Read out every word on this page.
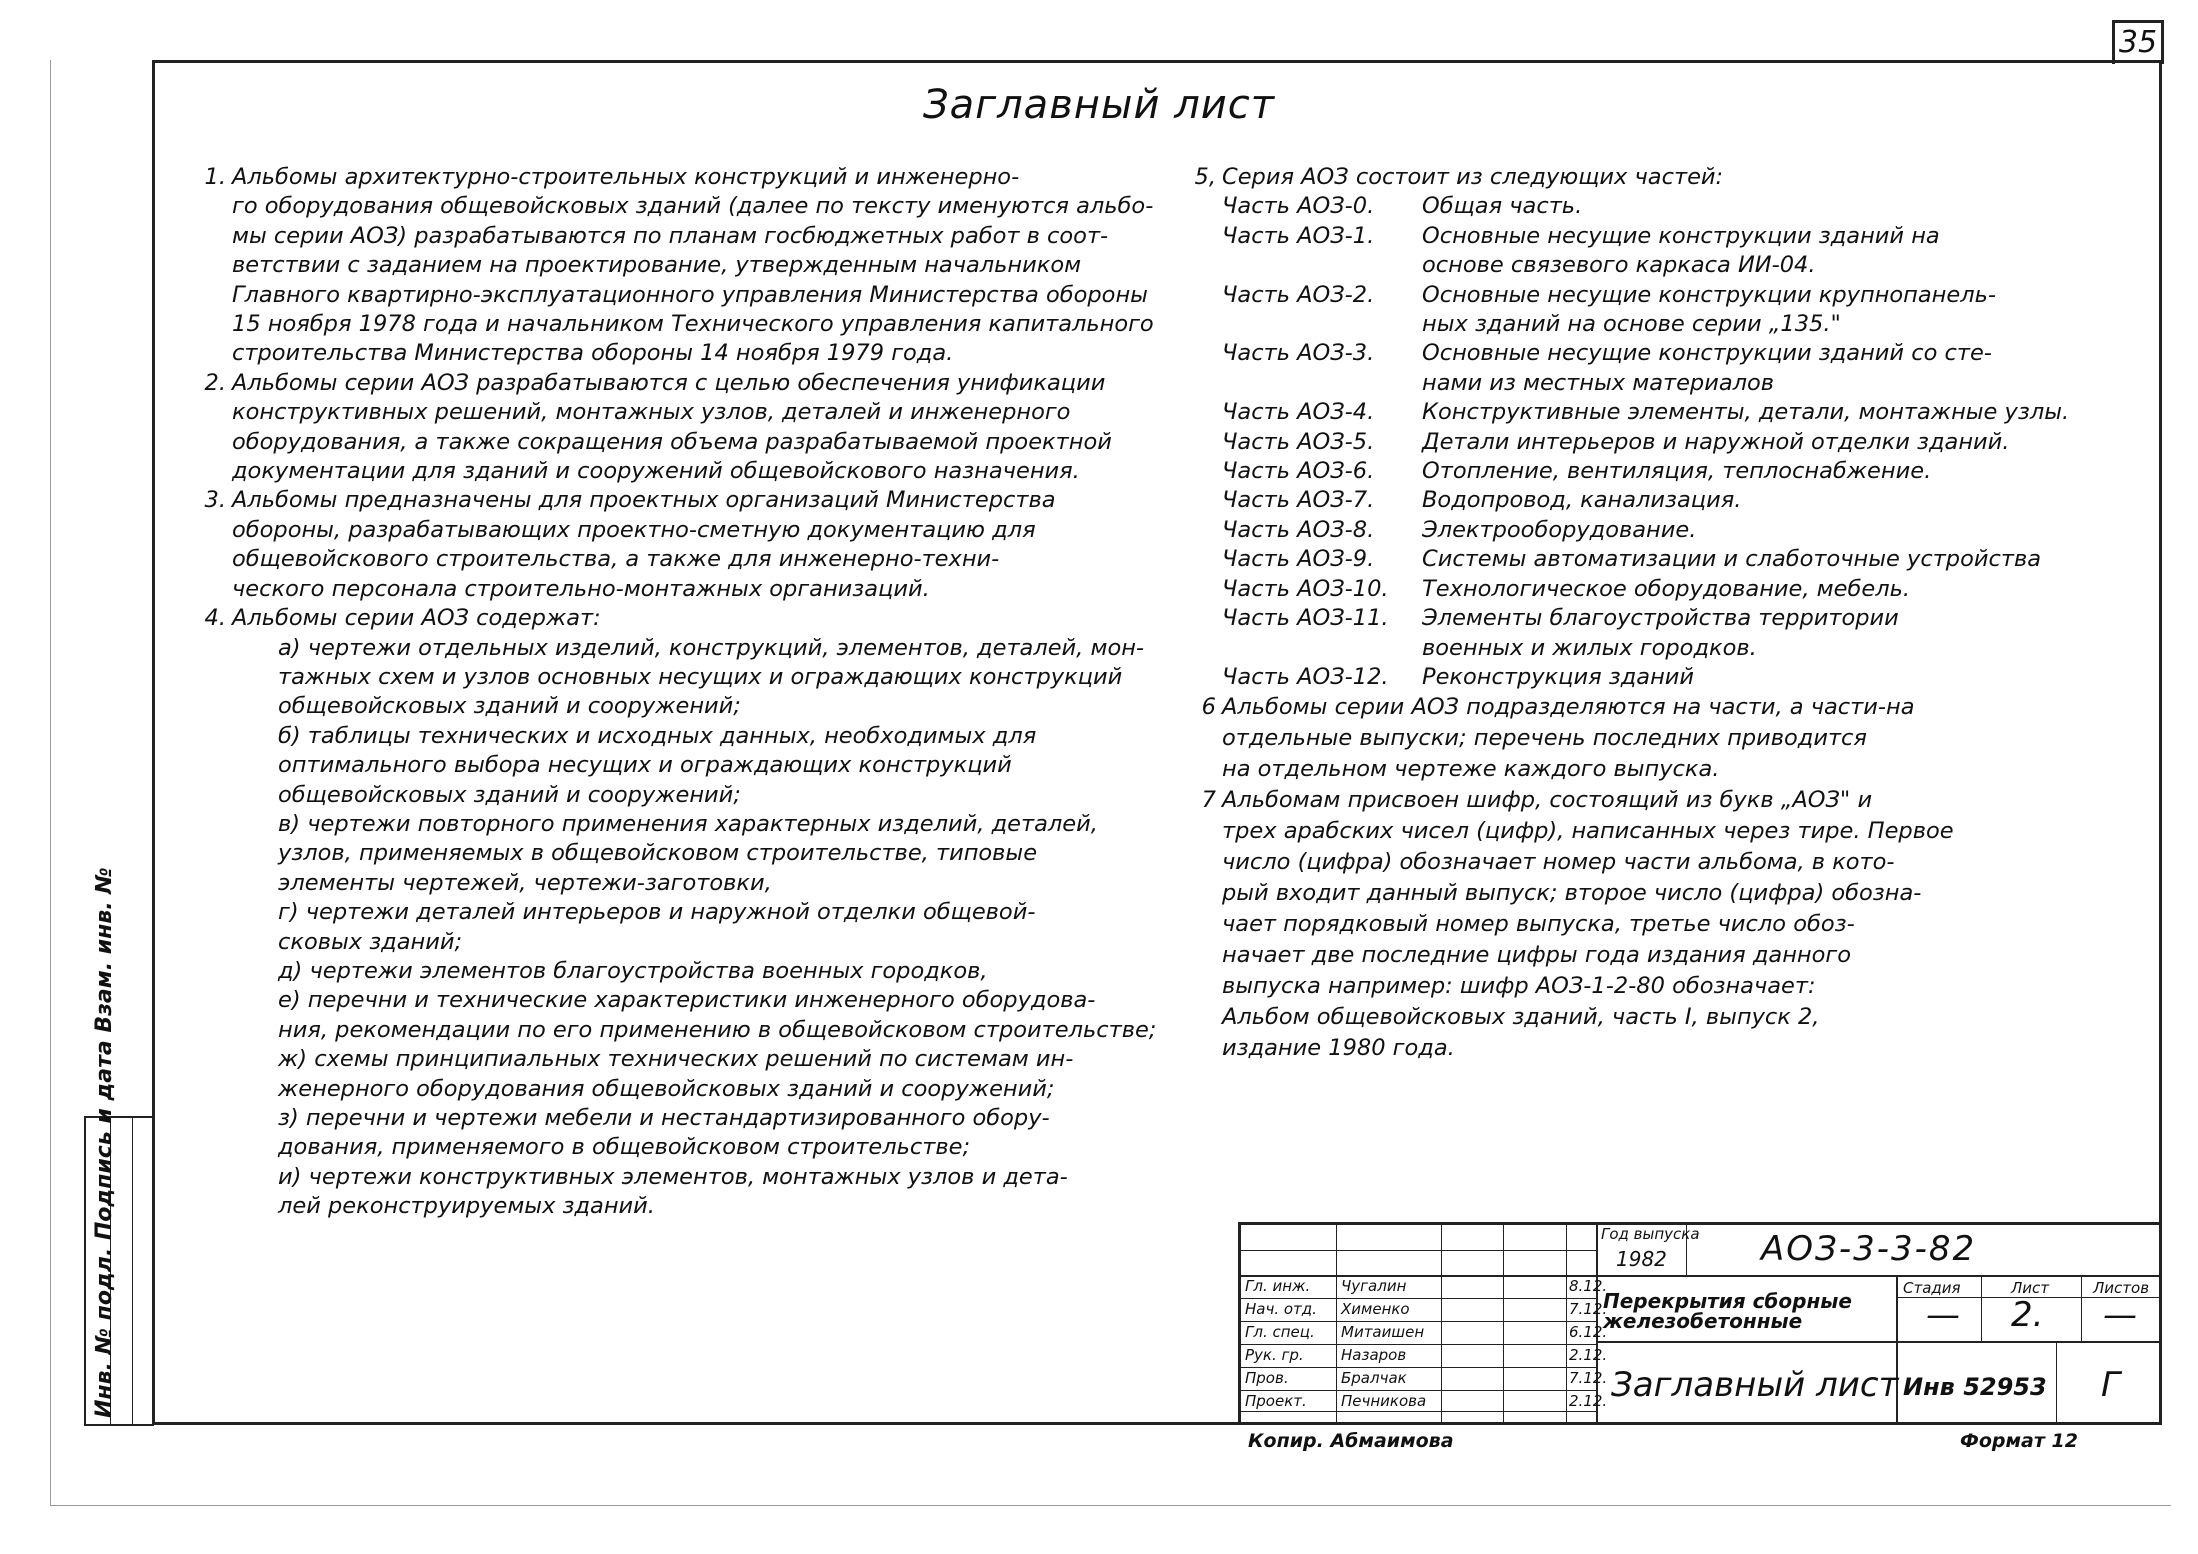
35
Инв. № подл. Подпись и дата Взам. инв. №
Заглавный лист
1. Альбомы архитектурно-строительных конструкций и инженерно-
го оборудования общевойсковых зданий (далее по тексту именуются альбо-
мы серии АОЗ) разрабатываются по планам госбюджетных работ в соот-
ветствии с заданием на проектирование, утвержденным начальником
Главного квартирно-эксплуатационного управления Министерства обороны
15 ноября 1978 года и начальником Технического управления капитального
строительства Министерства обороны 14 ноября 1979 года.
2. Альбомы серии АОЗ разрабатываются с целью обеспечения унификации
конструктивных решений, монтажных узлов, деталей и инженерного
оборудования, а также сокращения объема разрабатываемой проектной
документации для зданий и сооружений общевойскового назначения.
3. Альбомы предназначены для проектных организаций Министерства
обороны, разрабатывающих проектно-сметную документацию для
общевойскового строительства, а также для инженерно-техни-
ческого персонала строительно-монтажных организаций.
4. Альбомы серии АОЗ содержат:
а) чертежи отдельных изделий, конструкций, элементов, деталей, мон-
тажных схем и узлов основных несущих и ограждающих конструкций
общевойсковых зданий и сооружений;
б) таблицы технических и исходных данных, необходимых для
оптимального выбора несущих и ограждающих конструкций
общевойсковых зданий и сооружений;
в) чертежи повторного применения характерных изделий, деталей,
узлов, применяемых в общевойсковом строительстве, типовые
элементы чертежей, чертежи-заготовки,
г) чертежи деталей интерьеров и наружной отделки общевой-
сковых зданий;
д) чертежи элементов благоустройства военных городков,
е) перечни и технические характеристики инженерного оборудова-
ния, рекомендации по его применению в общевойсковом строительстве;
ж) схемы принципиальных технических решений по системам ин-
женерного оборудования общевойсковых зданий и сооружений;
з) перечни и чертежи мебели и нестандартизированного обору-
дования, применяемого в общевойсковом строительстве;
и) чертежи конструктивных элементов, монтажных узлов и дета-
лей реконструируемых зданий.
5, Серия АОЗ состоит из следующих частей:
Часть АОЗ-0.	Общая часть.
Часть АОЗ-1.	Основные несущие конструкции зданий на
основе связевого каркаса ИИ-04.
Часть АОЗ-2.	Основные несущие конструкции крупнопанель-
ных зданий на основе серии „135."
Часть АОЗ-3.	Основные несущие конструкции зданий со сте-
нами из местных материалов
Часть АОЗ-4.	Конструктивные элементы, детали, монтажные узлы.
Часть АОЗ-5.	Детали интерьеров и наружной отделки зданий.
Часть АОЗ-6.	Отопление, вентиляция, теплоснабжение.
Часть АОЗ-7.	Водопровод, канализация.
Часть АОЗ-8.	Электрооборудование.
Часть АОЗ-9.	Системы автоматизации и слаботочные устройства
Часть АОЗ-10.	Технологическое оборудование, мебель.
Часть АОЗ-11.	Элементы благоустройства территории
военных и жилых городков.
Часть АОЗ-12.	Реконструкция зданий
6 Альбомы серии АОЗ подразделяются на части, а части-на
отдельные выпуски; перечень последних приводится
на отдельном чертеже каждого выпуска.
7 Альбомам присвоен шифр, состоящий из букв „АОЗ" и
трех арабских чисел (цифр), написанных через тире. Первое
число (цифра) обозначает номер части альбома, в кото-
рый входит данный выпуск; второе число (цифра) обозна-
чает порядковый номер выпуска, третье число обоз-
начает две последние цифры года издания данного
выпуска например: шифр АОЗ-1-2-80 обозначает:
Альбом общевойсковых зданий, часть I, выпуск 2,
издание 1980 года.
Год выпуска
1982	АОЗ-3-3-82
Гл. инж. Чугалин	8.12.
Нач. отд. Хименко	7.12.
Гл. спец. Митаишен	6.12.
Рук. гр. Назаров	2.12.
Пров.	Бралчак	7.12.
Проект. Печникова	2.12.
Перекрытия сборные железобетонные
Стадия	Лист	Листов
— 2. —
Заглавный лист Инв 52953 Г
Копир. Абмаимова	Формат 12
